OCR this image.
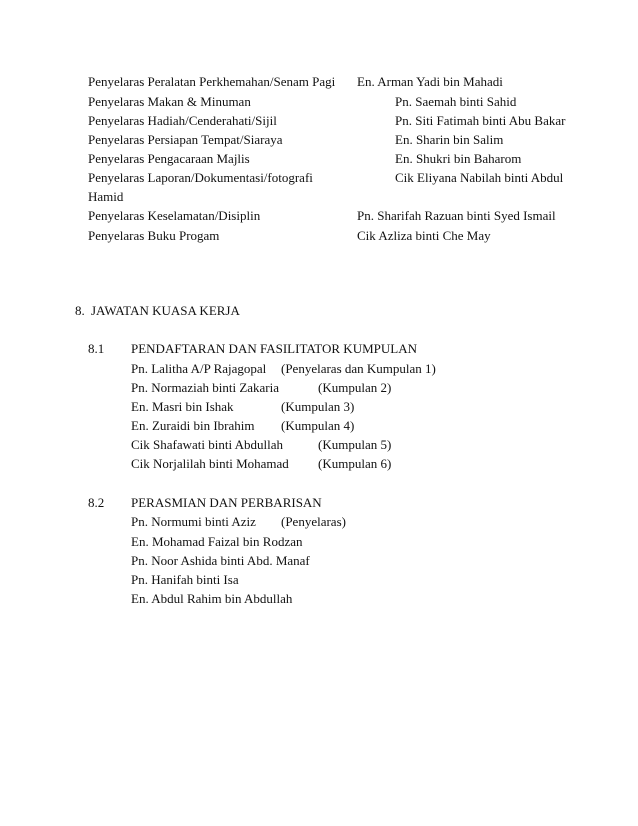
Penyelaras Peralatan Perkhemahan/Senam Pagi En. Arman Yadi bin Mahadi
Penyelaras Makan & Minuman	Pn. Saemah binti Sahid
Penyelaras Hadiah/Cenderahati/Sijil	Pn. Siti Fatimah binti Abu Bakar
Penyelaras Persiapan Tempat/Siaraya	En. Sharin bin Salim
Penyelaras Pengacaraan Majlis	En. Shukri bin Baharom
Penyelaras Laporan/Dokumentasi/fotografi	Cik Eliyana Nabilah binti Abdul
Hamid
Penyelaras Keselamatan/Disiplin	Pn. Sharifah Razuan binti Syed Ismail
Penyelaras Buku Progam	Cik Azliza binti Che May
8. JAWATAN KUASA KERJA
8.1 PENDAFTARAN DAN FASILITATOR KUMPULAN
Pn. Lalitha A/P Rajagopal (Penyelaras dan Kumpulan 1)
Pn. Normaziah binti Zakaria	(Kumpulan 2)
En. Masri bin Ishak	(Kumpulan 3)
En. Zuraidi bin Ibrahim (Kumpulan 4)
Cik Shafawati binti Abdullah	(Kumpulan 5)
Cik Norjalilah binti Mohamad (Kumpulan 6)
8.2 PERASMIAN DAN PERBARISAN
Pn. Normumi binti Aziz (Penyelaras)
En. Mohamad Faizal bin Rodzan
Pn. Noor Ashida binti Abd. Manaf
Pn. Hanifah binti Isa
En. Abdul Rahim bin Abdullah
